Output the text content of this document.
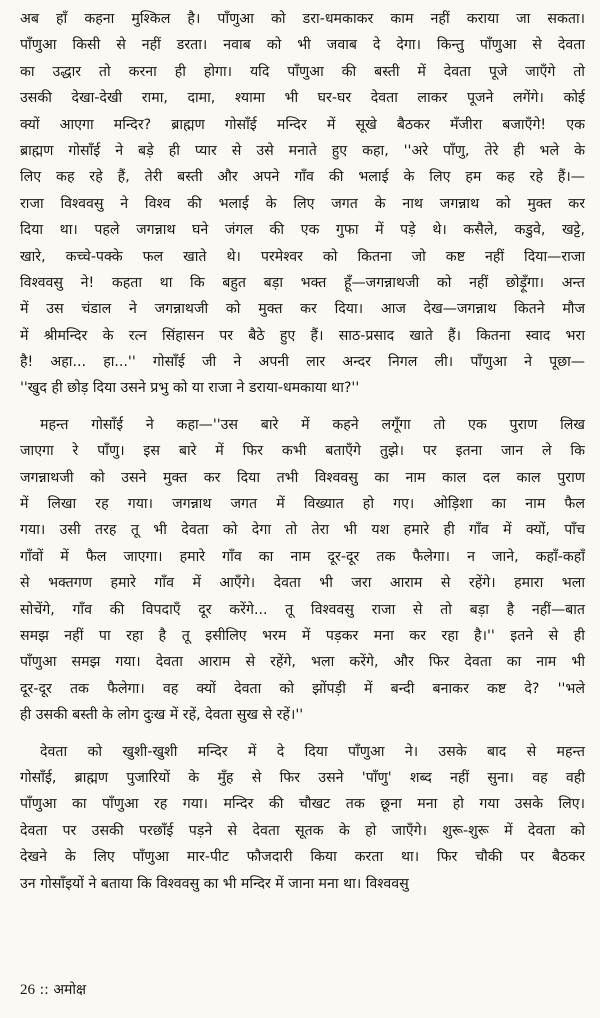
अब हाँ कहना मुश्किल है। पाँणुआ को डरा-धमकाकर काम नहीं कराया जा सकता।
पाँणुआ किसी से नहीं डरता। नवाब को भी जवाब दे देगा। किन्तु पाँणुआ से देवता
का उद्धार तो करना ही होगा। यदि पाँणुआ की बस्ती में देवता पूजे जाएँगे तो
उसकी देखा-देखी रामा, दामा, श्यामा भी घर-घर देवता लाकर पूजने लगेंगे। कोई
क्यों आएगा मन्दिर? ब्राह्मण गोसाँई मन्दिर में सूखे बैठकर मँजीरा बजाएँगे! एक
ब्राह्मण गोसाँई ने बड़े ही प्यार से उसे मनाते हुए कहा, ''अरे पाँणु, तेरे ही भले के
लिए कह रहे हैं, तेरी बस्ती और अपने गाँव की भलाई के लिए हम कह रहे हैं।—
राजा विश्ववसु ने विश्व की भलाई के लिए जगत के नाथ जगन्नाथ को मुक्त कर
दिया था। पहले जगन्नाथ घने जंगल की एक गुफा में पड़े थे। कसैले, कडुवे, खट्टे,
खारे, कच्चे-पक्के फल खाते थे। परमेश्वर को कितना जो कष्ट नहीं दिया—राजा
विश्ववसु ने! कहता था कि बहुत बड़ा भक्त हूँ—जगन्नाथजी को नहीं छोड़ूँगा। अन्त
में उस चंडाल ने जगन्नाथजी को मुक्त कर दिया। आज देख—जगन्नाथ कितने मौज
में श्रीमन्दिर के रत्न सिंहासन पर बैठे हुए हैं। साठ-प्रसाद खाते हैं। कितना स्वाद भरा
है! अहा... हा...'' गोसाँई जी ने अपनी लार अन्दर निगल ली। पाँणुआ ने पूछा—
''खुद ही छोड़ दिया उसने प्रभु को या राजा ने डराया-धमकाया था?''
महन्त गोसाँई ने कहा—''उस बारे में कहने लगूँगा तो एक पुराण लिख
जाएगा रे पाँणु। इस बारे में फिर कभी बताएँगे तुझे। पर इतना जान ले कि
जगन्नाथजी को उसने मुक्त कर दिया तभी विश्ववसु का नाम काल दल काल पुराण
में लिखा रह गया। जगन्नाथ जगत में विख्यात हो गए। ओड़िशा का नाम फैल
गया। उसी तरह तू भी देवता को देगा तो तेरा भी यश हमारे ही गाँव में क्यों, पाँच
गाँवों में फैल जाएगा। हमारे गाँव का नाम दूर-दूर तक फैलेगा। न जाने, कहाँ-कहाँ
से भक्तगण हमारे गाँव में आएँगे। देवता भी जरा आराम से रहेंगे। हमारा भला
सोचेंगे, गाँव की विपदाएँ दूर करेंगे... तू विश्ववसु राजा से तो बड़ा है नहीं—बात
समझ नहीं पा रहा है तू इसीलिए भरम में पड़कर मना कर रहा है।'' इतने से ही
पाँणुआ समझ गया। देवता आराम से रहेंगे, भला करेंगे, और फिर देवता का नाम भी
दूर-दूर तक फैलेगा। वह क्यों देवता को झोंपड़ी में बन्दी बनाकर कष्ट दे? ''भले
ही उसकी बस्ती के लोग दुःख में रहें, देवता सुख से रहें।''
देवता को खुशी-खुशी मन्दिर में दे दिया पाँणुआ ने। उसके बाद से महन्त
गोसाँई, ब्राह्मण पुजारियों के मुँह से फिर उसने 'पाँणु' शब्द नहीं सुना। वह वही
पाँणुआ का पाँणुआ रह गया। मन्दिर की चौखट तक छूना मना हो गया उसके लिए।
देवता पर उसकी परछाँई पड़ने से देवता सूतक के हो जाएँगे। शुरू-शुरू में देवता को
देखने के लिए पाँणुआ मार-पीट फौजदारी किया करता था। फिर चौकी पर बैठकर
उन गोसाँइयों ने बताया कि विश्ववसु का भी मन्दिर में जाना मना था। विश्ववसु
26 :: अमोक्ष
